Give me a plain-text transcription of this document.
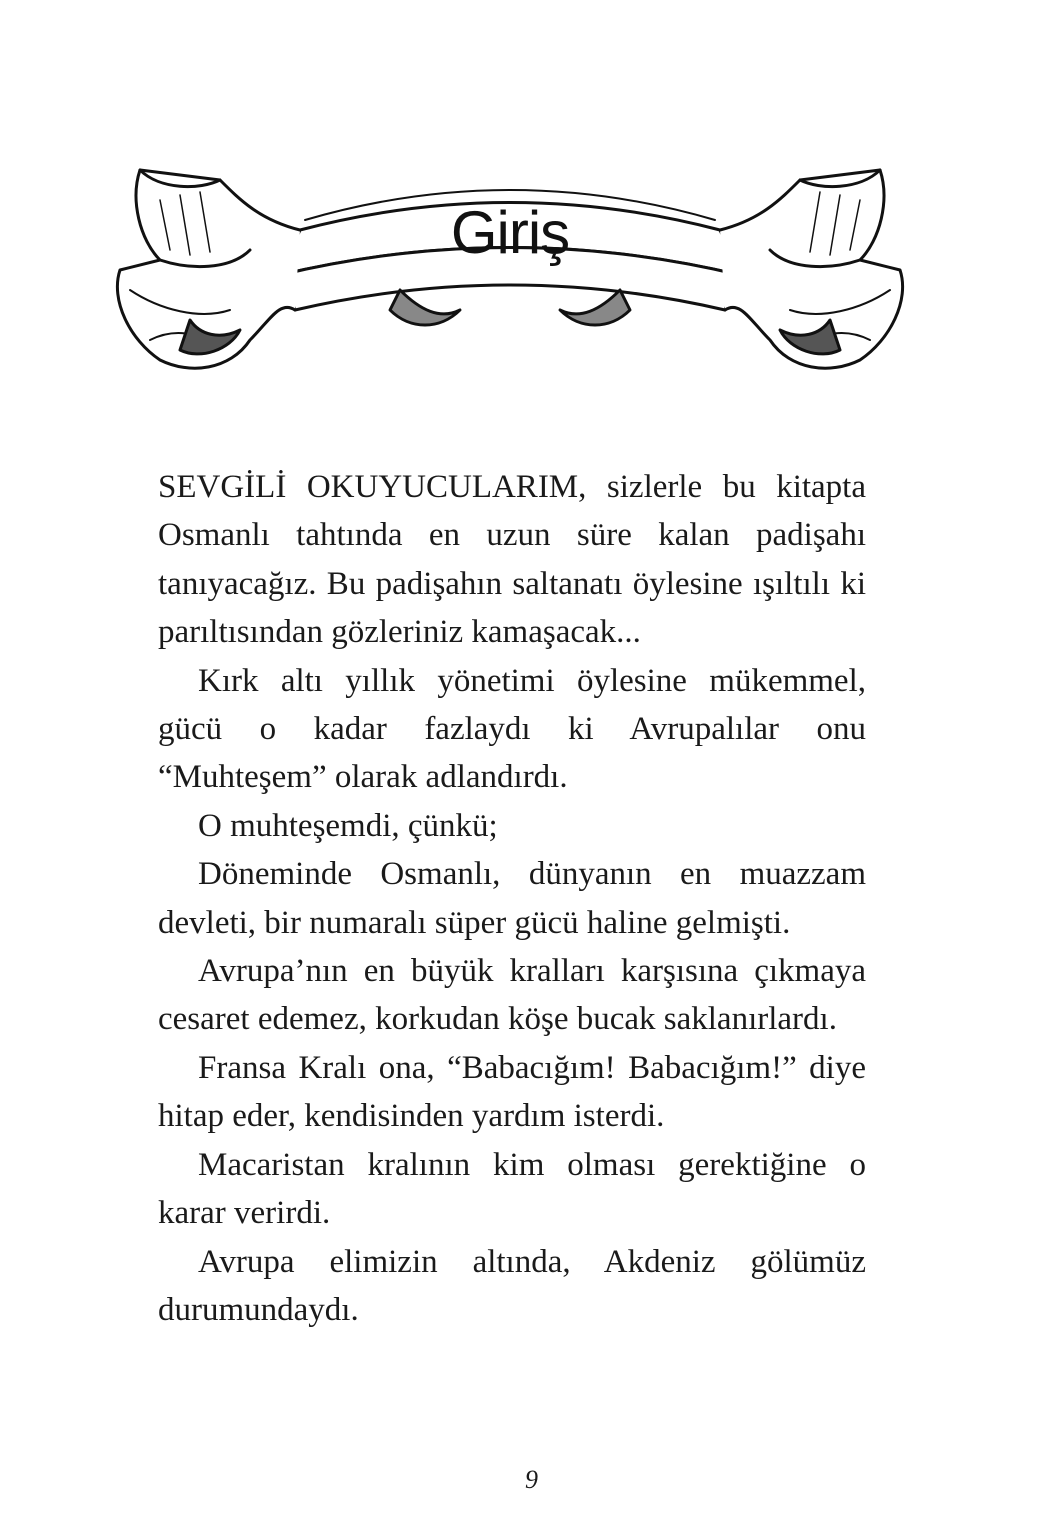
Giriş

SEVGİLİ OKUYUCULARIM, sizlerle bu kitapta Osmanlı tahtında en uzun süre kalan padişahı tanıyacağız. Bu padişahın saltanatı öylesine ışıltılı ki parıltısından gözleriniz kamaşacak...

Kırk altı yıllık yönetimi öylesine mükemmel, gücü o kadar fazlaydı ki Avrupalılar onu “Muhteşem” olarak adlandırdı.

O muhteşemdi, çünkü;

Döneminde Osmanlı, dünyanın en muazzam devleti, bir numaralı süper gücü haline gelmişti.

Avrupa’nın en büyük kralları karşısına çıkmaya cesaret edemez, korkudan köşe bucak saklanırlardı.

Fransa Kralı ona, “Babacığım! Babacığım!” diye hitap eder, kendisinden yardım isterdi.

Macaristan kralının kim olması gerektiğine o karar verirdi.

Avrupa elimizin altında, Akdeniz gölümüz durumundaydı.

9
